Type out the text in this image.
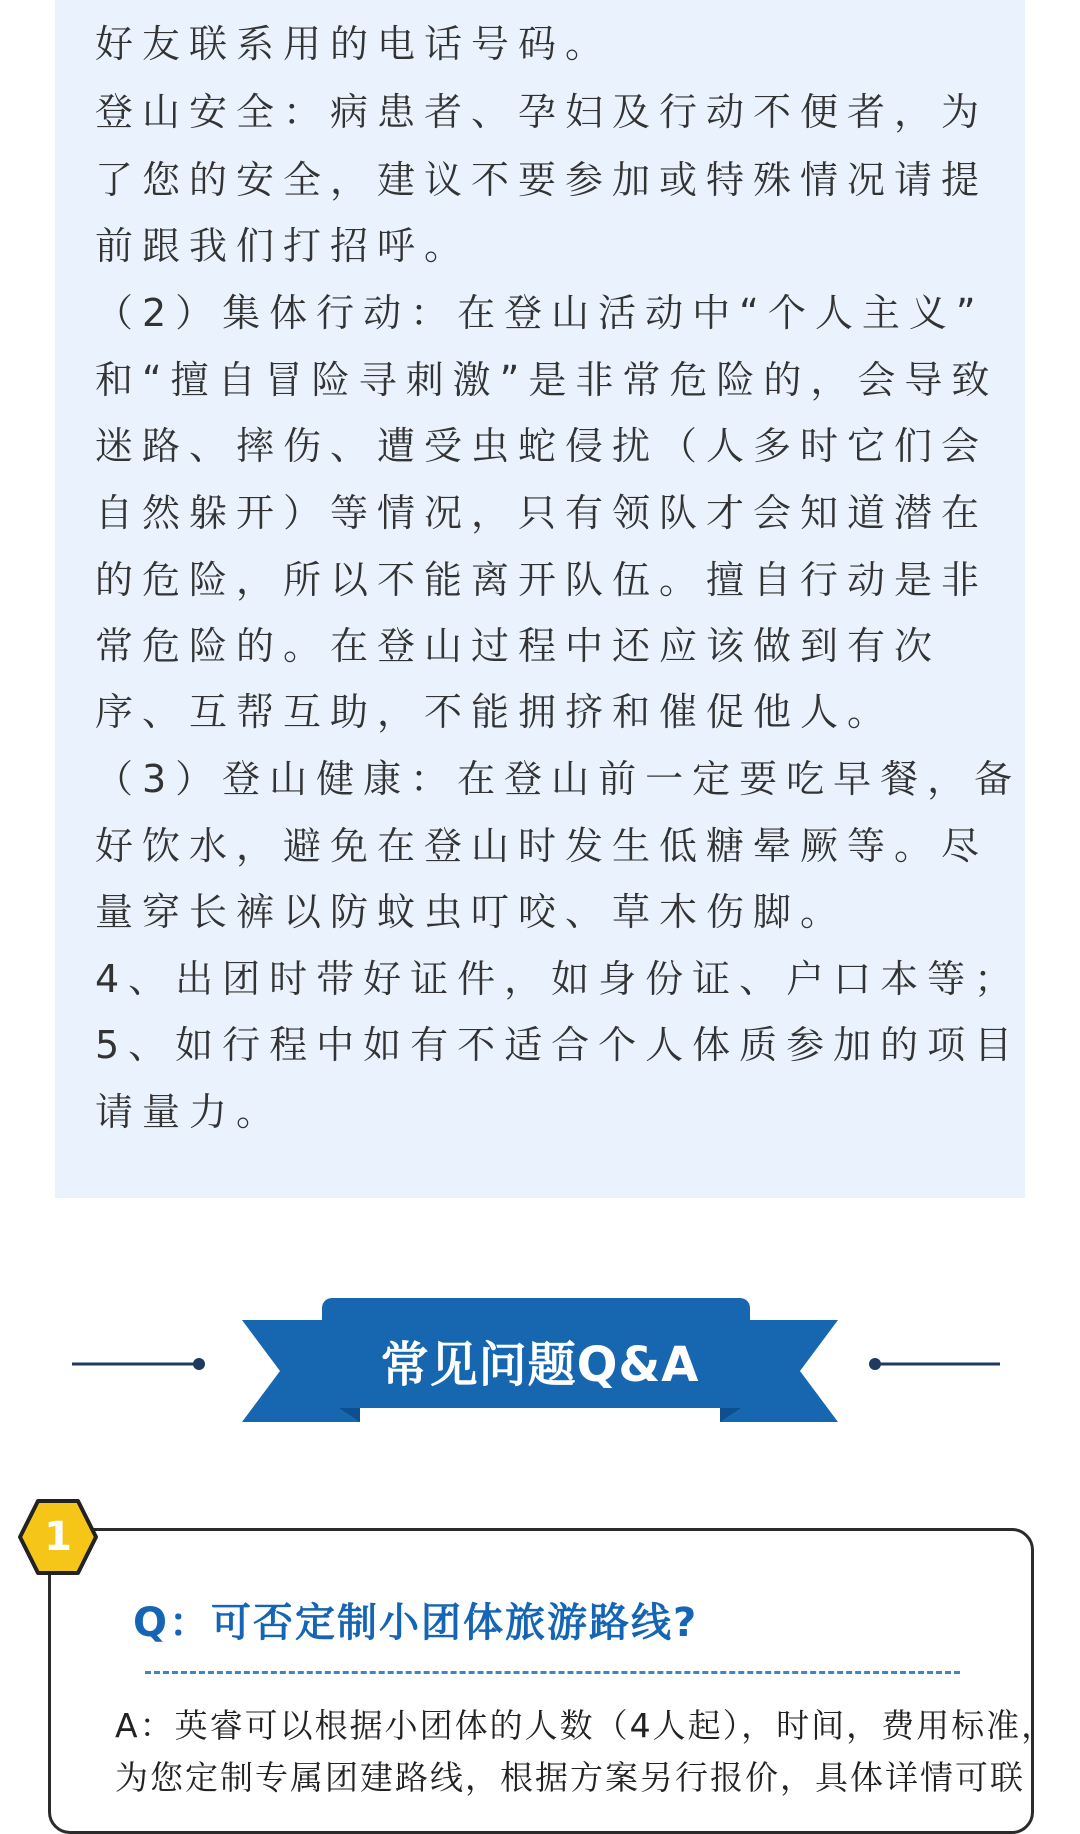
好友联系用的电话号码。
登山安全：病患者、孕妇及行动不便者，为
了您的安全，建议不要参加或特殊情况请提
前跟我们打招呼。
（2）集体行动：在登山活动中“个人主义”
和“擅自冒险寻刺激”是非常危险的，会导致
迷路、摔伤、遭受虫蛇侵扰（人多时它们会
自然躲开）等情况，只有领队才会知道潜在
的危险，所以不能离开队伍。擅自行动是非
常危险的。在登山过程中还应该做到有次
序、互帮互助，不能拥挤和催促他人。
（3）登山健康：在登山前一定要吃早餐，备
好饮水，避免在登山时发生低糖晕厥等。尽
量穿长裤以防蚊虫叮咬、草木伤脚。
4、出团时带好证件，如身份证、户口本等；
5、如行程中如有不适合个人体质参加的项目
请量力。
常见问题Q&A
1
Q：可否定制小团体旅游路线?
A：英睿可以根据小团体的人数（4人起），时间，费用标准，
为您定制专属团建路线，根据方案另行报价，具体详情可联
